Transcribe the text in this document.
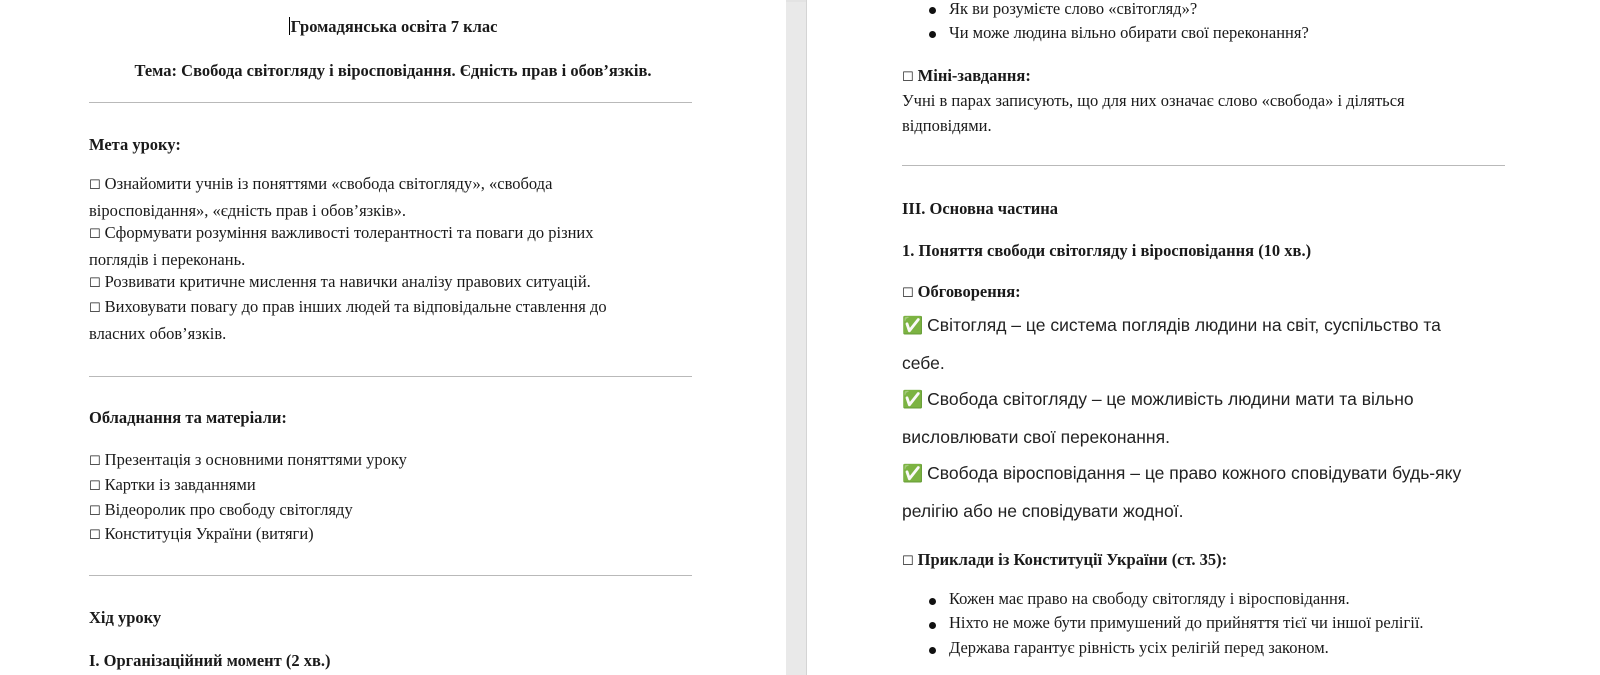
Громадянська освіта 7 клас
Тема: Свобода світогляду і віросповідання. Єдність прав і обов’язків.
Мета уроку:
☐ Ознайомити учнів із поняттями «свобода світогляду», «свобода
віросповідання», «єдність прав і обов’язків».
☐ Сформувати розуміння важливості толерантності та поваги до різних
поглядів і переконань.
☐ Розвивати критичне мислення та навички аналізу правових ситуацій.
☐ Виховувати повагу до прав інших людей та відповідальне ставлення до
власних обов’язків.
Обладнання та матеріали:
☐ Презентація з основними поняттями уроку
☐ Картки із завданнями
☐ Відеоролик про свободу світогляду
☐ Конституція України (витяги)
Хід уроку
I. Організаційний момент (2 хв.)
Як ви розумієте слово «світогляд»?
Чи може людина вільно обирати свої переконання?
☐ Міні-завдання:
Учні в парах записують, що для них означає слово «свобода» і діляться
відповідями.
III. Основна частина
1. Поняття свободи світогляду і віросповідання (10 хв.)
☐ Обговорення:
✅ Світогляд – це система поглядів людини на світ, суспільство та
себе.
✅ Свобода світогляду – це можливість людини мати та вільно
висловлювати свої переконання.
✅ Свобода віросповідання – це право кожного сповідувати будь-яку
релігію або не сповідувати жодної.
☐ Приклади із Конституції України (ст. 35):
Кожен має право на свободу світогляду і віросповідання.
Ніхто не може бути примушений до прийняття тієї чи іншої релігії.
Держава гарантує рівність усіх релігій перед законом.
